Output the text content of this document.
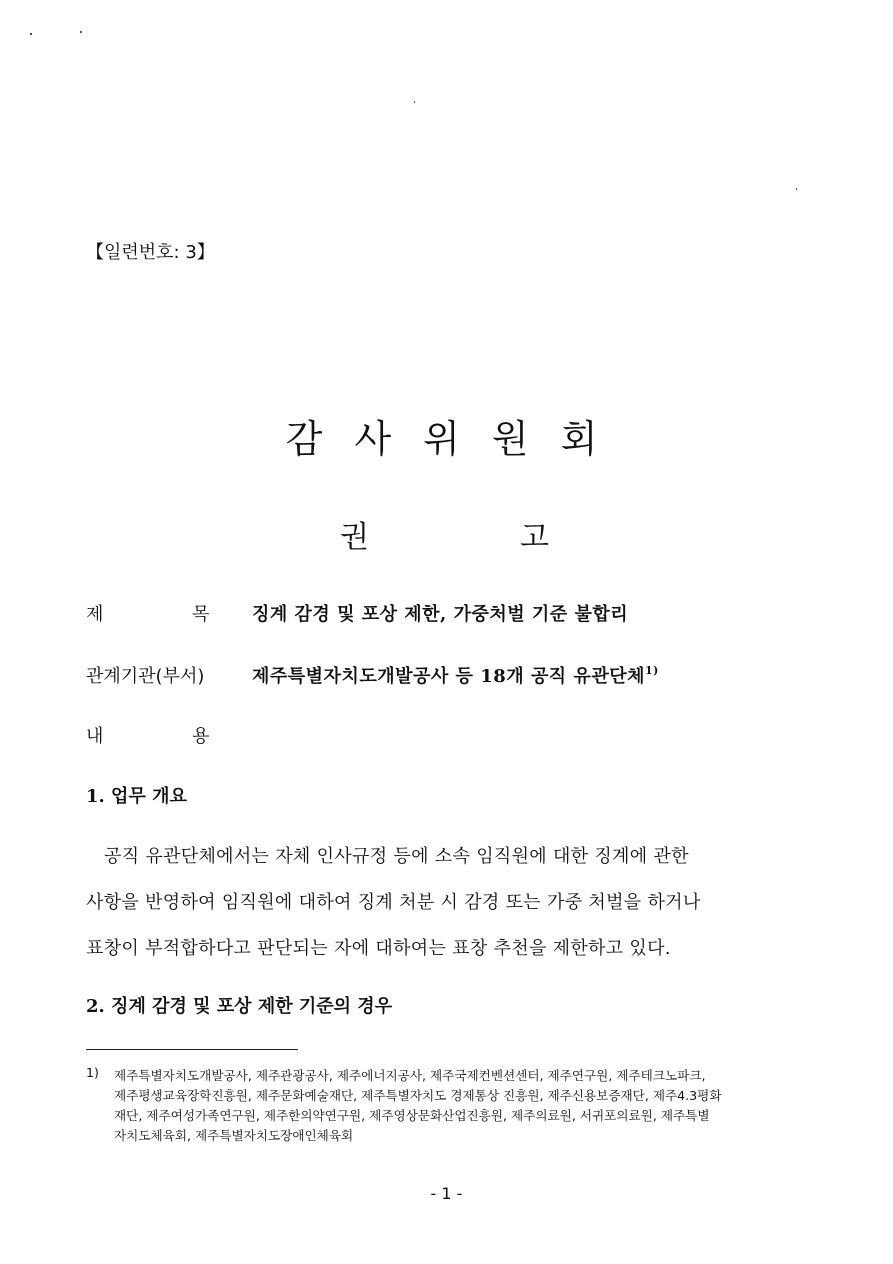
【일련번호: 3】
감 사 위 원 회
권	고
제	목 징계 감경 및 포상 제한, 가중처벌 기준 불합리
관계기관(부서)	제주특별자치도개발공사 등 18개 공직 유관단체$^{1)}$
내	용
1. 업무 개요
공직 유관단체에서는 자체 인사규정 등에 소속 임직원에 대한 징계에 관한
사항을 반영하여 임직원에 대하여 징계 처분 시 감경 또는 가중 처벌을 하거나
표창이 부적합하다고 판단되는 자에 대하여는 표창 추천을 제한하고 있다.
2. 징계 감경 및 포상 제한 기준의 경우
1) 제주특별자치도개발공사, 제주관광공사, 제주에너지공사, 제주국제컨벤션센터, 제주연구원, 제주테크노파크,
제주평생교육장학진흥원, 제주문화예술재단, 제주특별자치도 경제통상 진흥원, 제주신용보증재단, 제주4.3평화
재단, 제주여성가족연구원, 제주한의약연구원, 제주영상문화산업진흥원, 제주의료원, 서귀포의료원, 제주특별
자치도체육회, 제주특별자치도장애인체육회
- 1 -
